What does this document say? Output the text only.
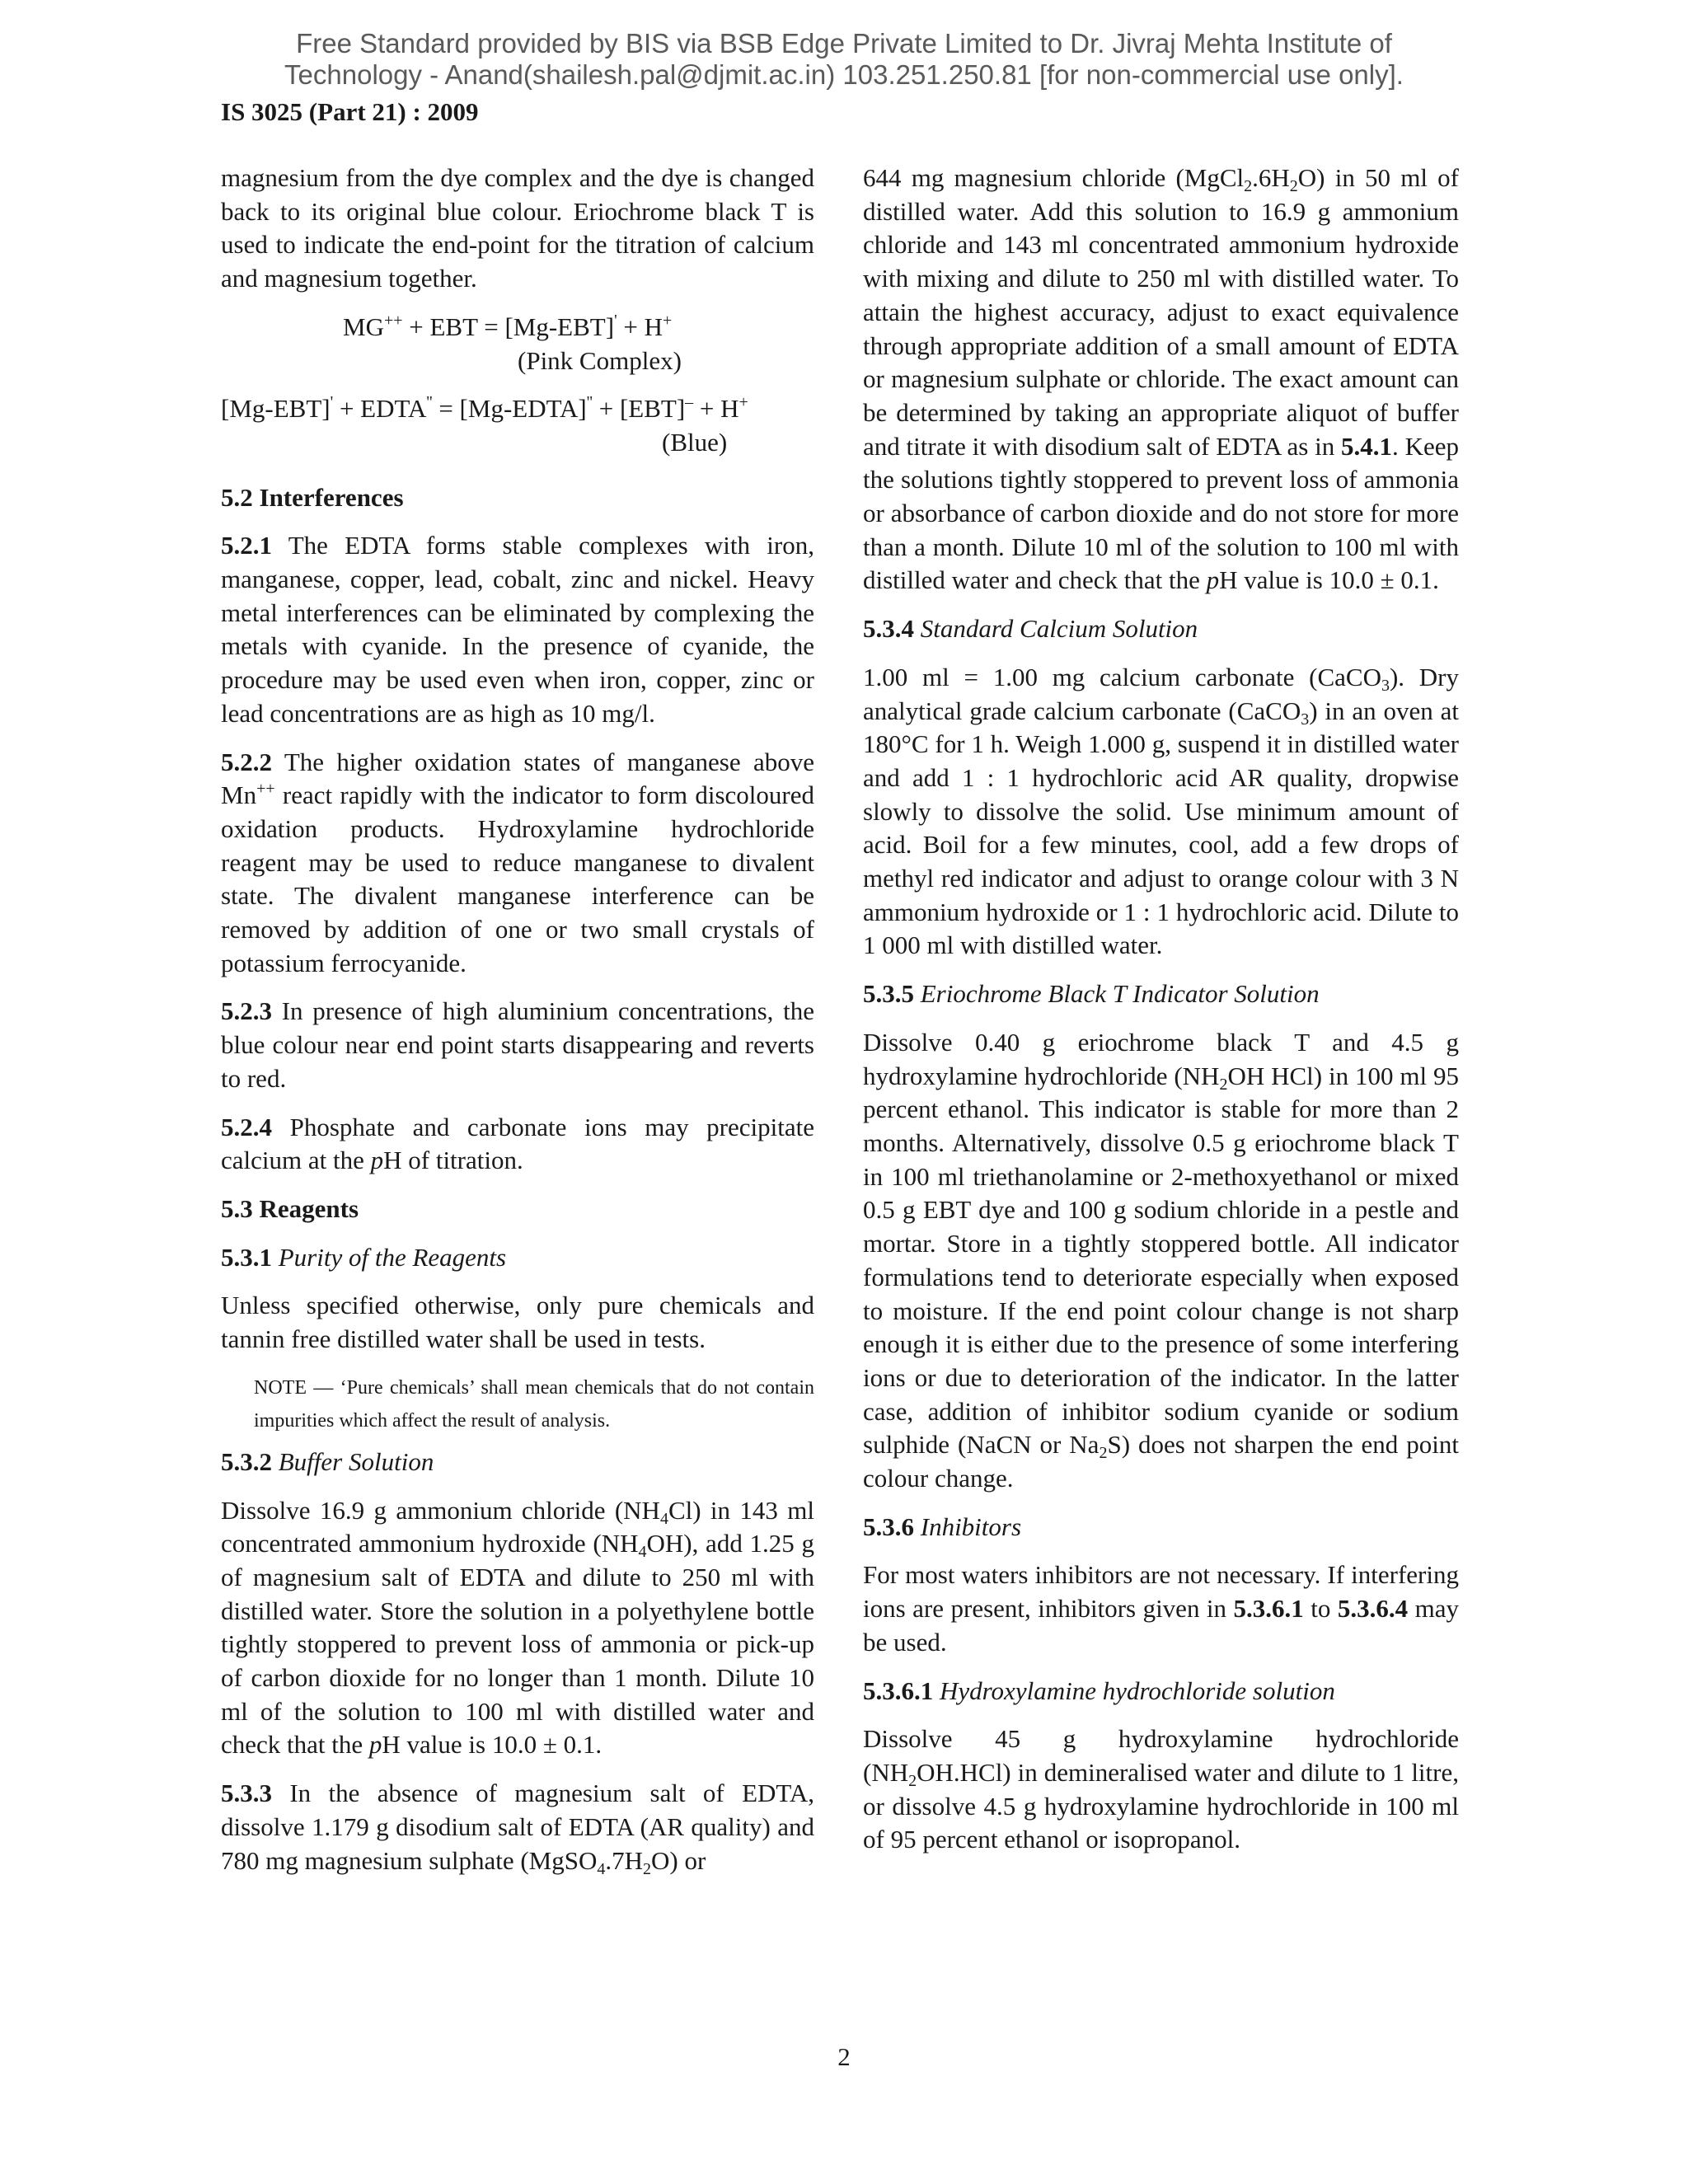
Free Standard provided by BIS via BSB Edge Private Limited to Dr. Jivraj Mehta Institute of
Technology - Anand(shailesh.pal@djmit.ac.in) 103.251.250.81 [for non-commercial use only].
IS 3025 (Part 21) : 2009

magnesium from the dye complex and the dye is changed back to its original blue colour. Eriochrome black T is used to indicate the end-point for the titration of calcium and magnesium together.

MG++ + EBT = [Mg-EBT]' + H+

(Pink Complex)

[Mg-EBT]' + EDTA'' = [Mg-EDTA]'' + [EBT]– + H+

(Blue)

5.2 Interferences

5.2.1 The EDTA forms stable complexes with iron, manganese, copper, lead, cobalt, zinc and nickel. Heavy metal interferences can be eliminated by complexing the metals with cyanide. In the presence of cyanide, the procedure may be used even when iron, copper, zinc or lead concentrations are as high as 10 mg/l.

5.2.2 The higher oxidation states of manganese above Mn++ react rapidly with the indicator to form discoloured oxidation products. Hydroxylamine hydrochloride reagent may be used to reduce manganese to divalent state. The divalent manganese interference can be removed by addition of one or two small crystals of potassium ferrocyanide.

5.2.3 In presence of high aluminium concentrations, the blue colour near end point starts disappearing and reverts to red.

5.2.4 Phosphate and carbonate ions may precipitate calcium at the pH of titration.

5.3 Reagents

5.3.1 Purity of the Reagents

Unless specified otherwise, only pure chemicals and tannin free distilled water shall be used in tests.

NOTE — ‘Pure chemicals’ shall mean chemicals that do not contain impurities which affect the result of analysis.

5.3.2 Buffer Solution

Dissolve 16.9 g ammonium chloride $(NH_4Cl)$ in 143 ml concentrated ammonium hydroxide $(NH_4OH)$, add 1.25 g of magnesium salt of EDTA and dilute to 250 ml with distilled water. Store the solution in a polyethylene bottle tightly stoppered to prevent loss of ammonia or pick-up of carbon dioxide for no longer than 1 month. Dilute 10 ml of the solution to 100 ml with distilled water and check that the pH value is 10.0 ± 0.1.

5.3.3 In the absence of magnesium salt of EDTA, dissolve 1.179 g disodium salt of EDTA (AR quality) and 780 mg magnesium sulphate $(MgSO_4.7H_2O)$ or

644 mg magnesium chloride $(MgCl_2.6H_2O)$ in 50 ml of distilled water. Add this solution to 16.9 g ammonium chloride and 143 ml concentrated ammonium hydroxide with mixing and dilute to 250 ml with distilled water. To attain the highest accuracy, adjust to exact equivalence through appropriate addition of a small amount of EDTA or magnesium sulphate or chloride. The exact amount can be determined by taking an appropriate aliquot of buffer and titrate it with disodium salt of EDTA as in 5.4.1. Keep the solutions tightly stoppered to prevent loss of ammonia or absorbance of carbon dioxide and do not store for more than a month. Dilute 10 ml of the solution to 100 ml with distilled water and check that the pH value is 10.0 ± 0.1.

5.3.4 Standard Calcium Solution

1.00 ml = 1.00 mg calcium carbonate (CaCO$_3$). Dry analytical grade calcium carbonate (CaCO$_3$) in an oven at 180°C for 1 h. Weigh 1.000 g, suspend it in distilled water and add 1 : 1 hydrochloric acid AR quality, dropwise slowly to dissolve the solid. Use minimum amount of acid. Boil for a few minutes, cool, add a few drops of methyl red indicator and adjust to orange colour with 3 N ammonium hydroxide or 1 : 1 hydrochloric acid. Dilute to 1 000 ml with distilled water.

5.3.5 Eriochrome Black T Indicator Solution

Dissolve 0.40 g eriochrome black T and 4.5 g hydroxylamine hydrochloride ($NH_2OH$ HCl) in 100 ml 95 percent ethanol. This indicator is stable for more than 2 months. Alternatively, dissolve 0.5 g eriochrome black T in 100 ml triethanolamine or 2-methoxyethanol or mixed 0.5 g EBT dye and 100 g sodium chloride in a pestle and mortar. Store in a tightly stoppered bottle. All indicator formulations tend to deteriorate especially when exposed to moisture. If the end point colour change is not sharp enough it is either due to the presence of some interfering ions or due to deterioration of the indicator. In the latter case, addition of inhibitor sodium cyanide or sodium sulphide (NaCN or $Na_2S$) does not sharpen the end point colour change.

5.3.6 Inhibitors

For most waters inhibitors are not necessary. If interfering ions are present, inhibitors given in 5.3.6.1 to 5.3.6.4 may be used.

5.3.6.1 Hydroxylamine hydrochloride solution

Dissolve 45 g hydroxylamine hydrochloride $(NH_2OH.HCl)$ in demineralised water and dilute to 1 litre, or dissolve 4.5 g hydroxylamine hydrochloride in 100 ml of 95 percent ethanol or isopropanol.

2
